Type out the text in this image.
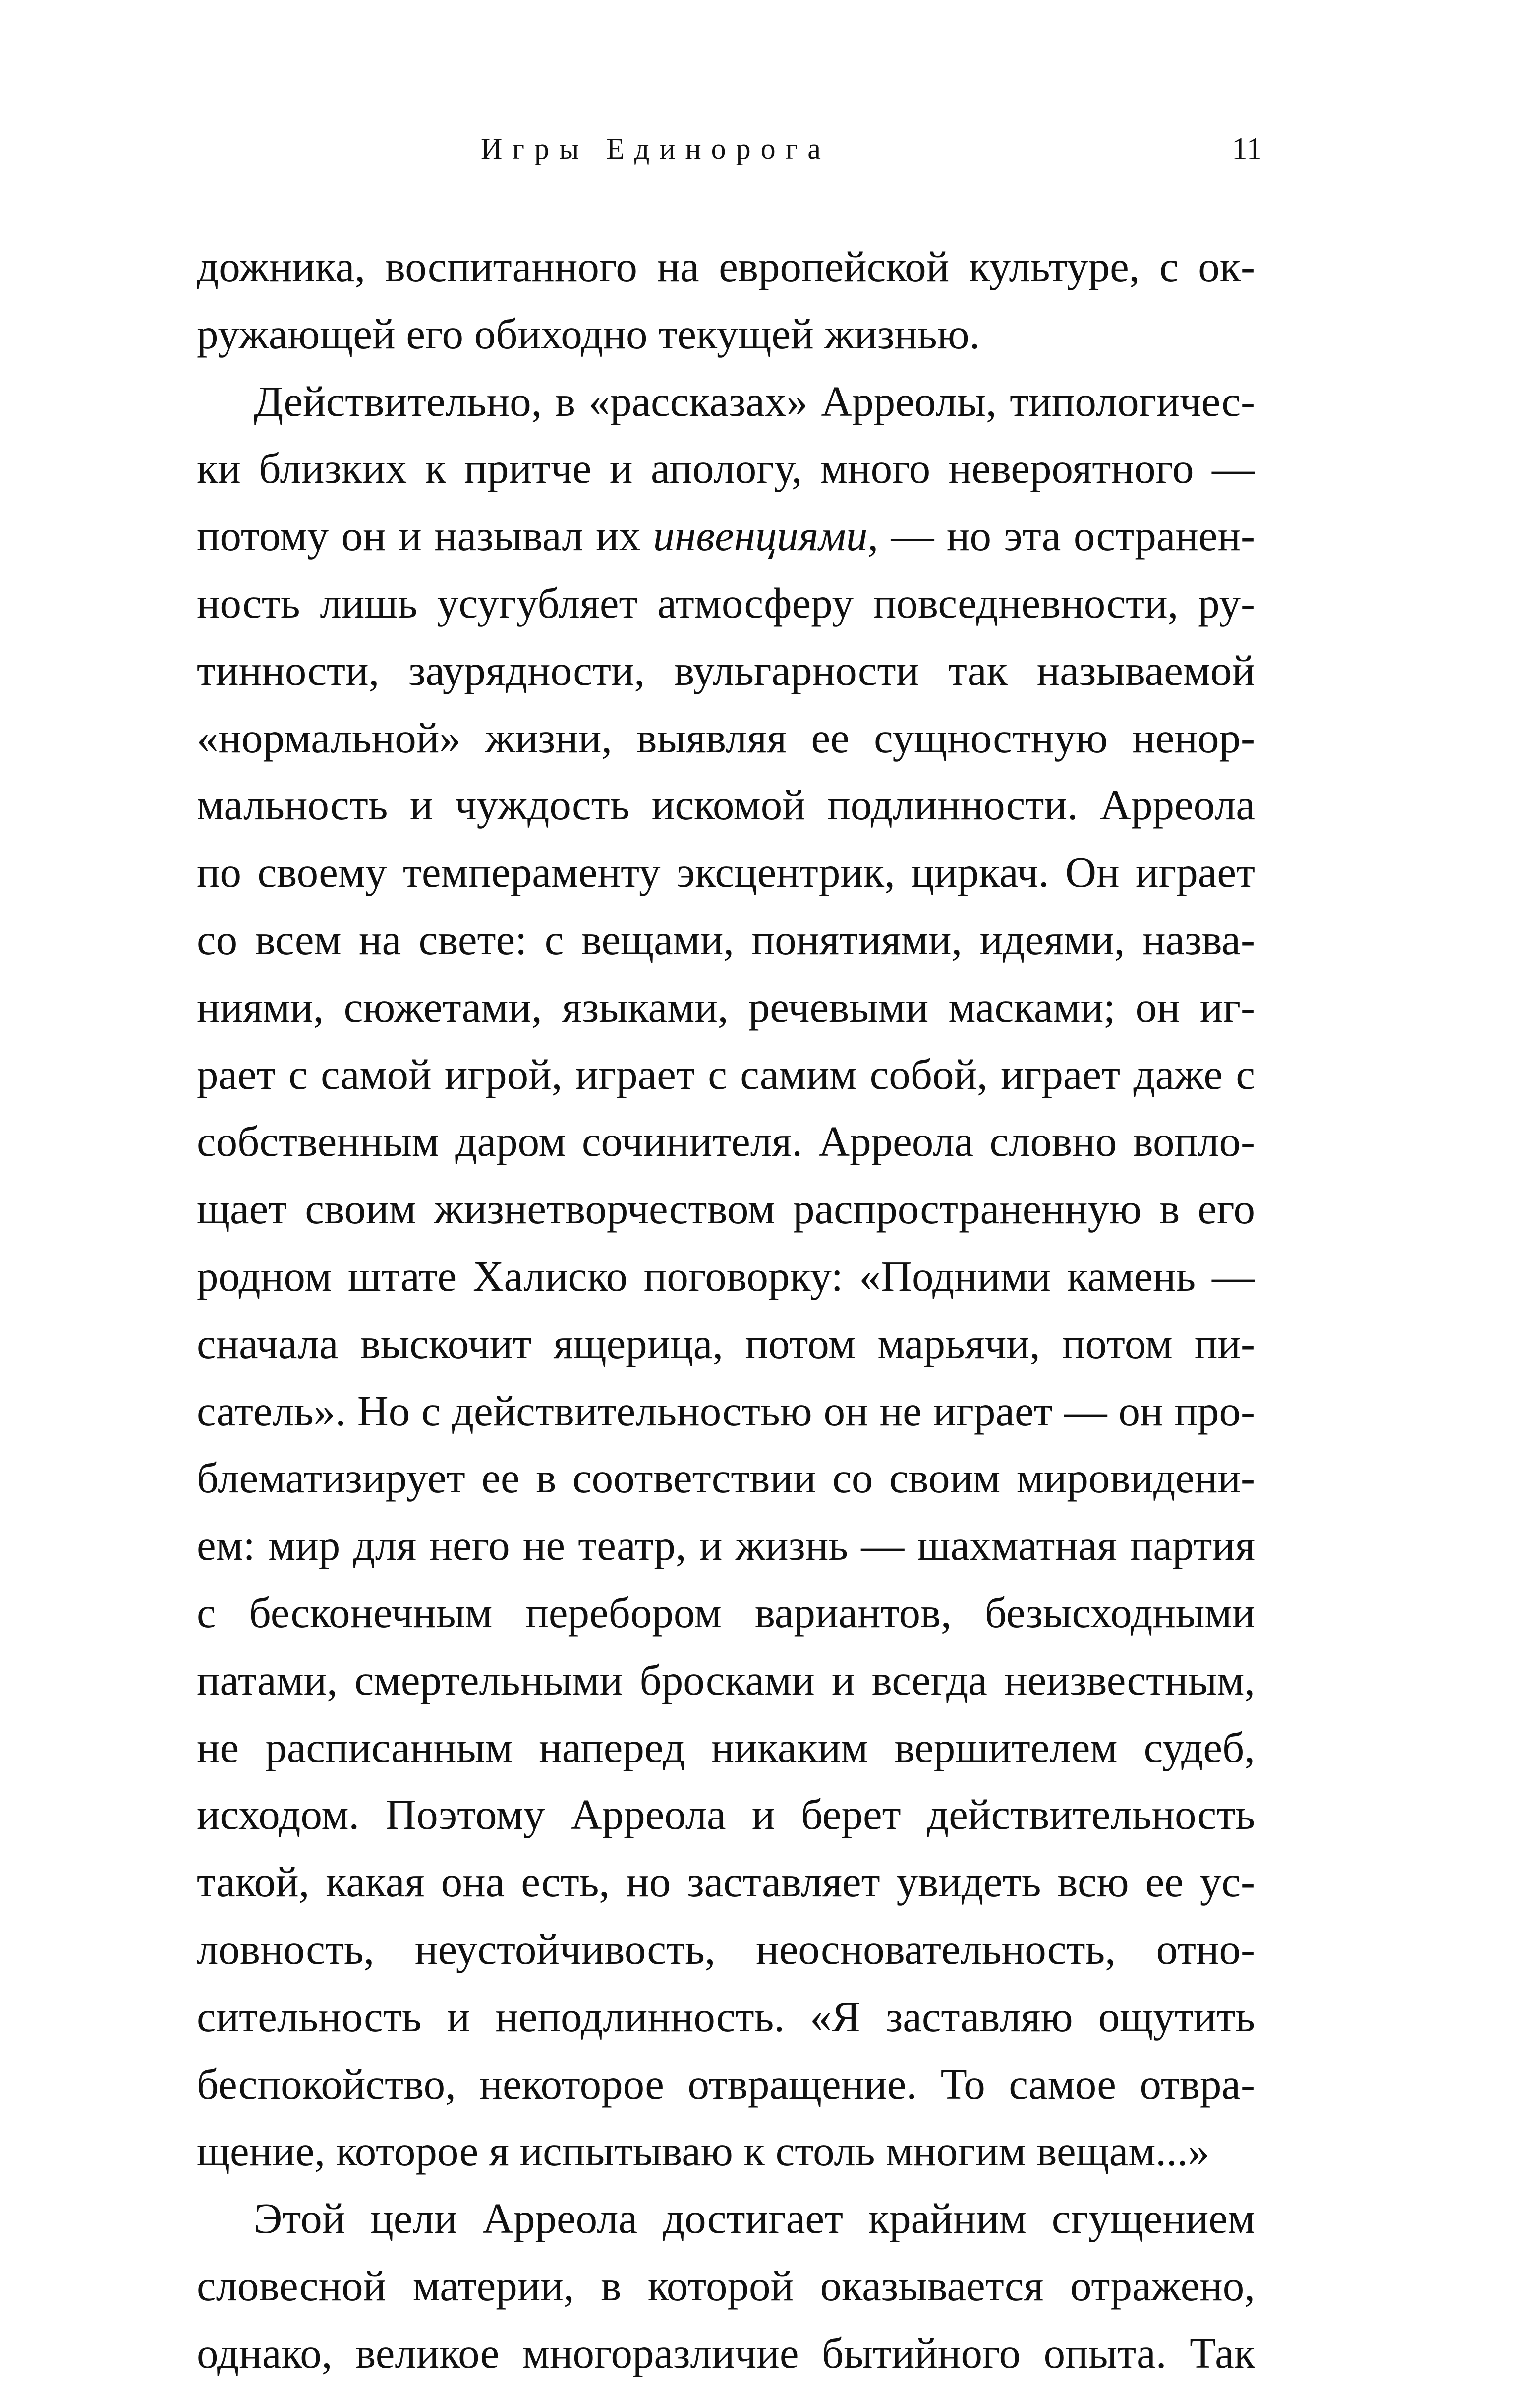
Игры Единорога	11
дожника, воспитанного на европейской культуре, с ок-
ружающей его обиходно текущей жизнью.
Действительно, в «рассказах» Арреолы, типологичес-
ки близких к притче и апологу, много невероятного —
потому он и называл их инвенциями, — но эта остранен-
ность лишь усугубляет атмосферу повседневности, ру-
тинности, заурядности, вульгарности так называемой
«нормальной» жизни, выявляя ее сущностную ненор-
мальность и чуждость искомой подлинности. Арреола
по своему темпераменту эксцентрик, циркач. Он играет
со всем на свете: с вещами, понятиями, идеями, назва-
ниями, сюжетами, языками, речевыми масками; он иг-
рает с самой игрой, играет с самим собой, играет даже с
собственным даром сочинителя. Арреола словно вопло-
щает своим жизнетворчеством распространенную в его
родном штате Халиско поговорку: «Подними камень —
сначала выскочит ящерица, потом марьячи, потом пи-
сатель». Но с действительностью он не играет — он про-
блематизирует ее в соответствии со своим мировидени-
ем: мир для него не театр, и жизнь — шахматная партия
с бесконечным перебором вариантов, безысходными
патами, смертельными бросками и всегда неизвестным,
не расписанным наперед никаким вершителем судеб,
исходом. Поэтому Арреола и берет действительность
такой, какая она есть, но заставляет увидеть всю ее ус-
ловность, неустойчивость, неосновательность, отно-
сительность и неподлинность. «Я заставляю ощутить
беспокойство, некоторое отвращение. То самое отвра-
щение, которое я испытываю к столь многим вещам...»
Этой цели Арреола достигает крайним сгущением
словесной материи, в которой оказывается отражено,
однако, великое многоразличие бытийного опыта. Так
